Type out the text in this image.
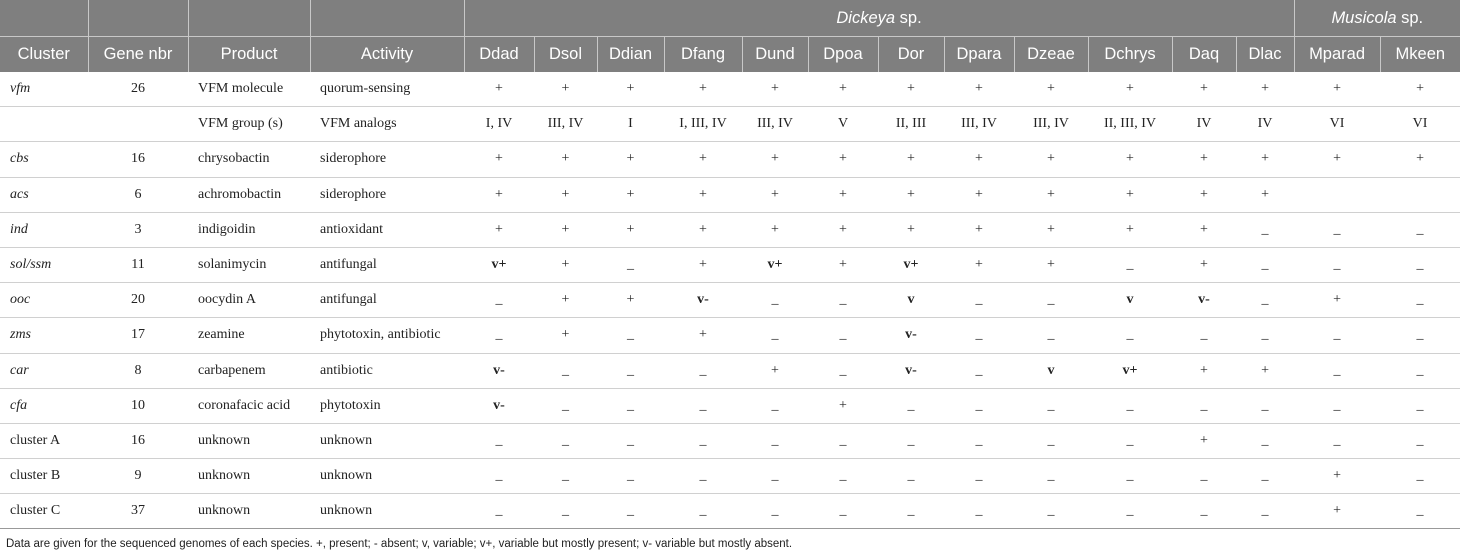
				Dickeya sp.												Musicola sp.	
Cluster	Gene nbr	Product	Activity	Ddad	Dsol	Ddian	Dfang	Dund	Dpoa	Dor	Dpara	Dzeae	Dchrys	Daq	Dlac	Mparad	Mkeen
vfm	26	VFM molecule	quorum-sensing	+	+	+	+	+	+	+	+	+	+	+	+	+	+
		VFM group (s)	VFM analogs	I, IV	III, IV	I	I, III, IV	III, IV	V	II, III	III, IV	III, IV	II, III, IV	IV	IV	VI	VI
cbs	16	chrysobactin	siderophore	+	+	+	+	+	+	+	+	+	+	+	+	+	+
acs	6	achromobactin	siderophore	+	+	+	+	+	+	+	+	+	+	+	+		
ind	3	indigoidin	antioxidant	+	+	+	+	+	+	+	+	+	+	+	_	_	_
sol/ssm	11	solanimycin	antifungal	v+	+	_	+	v+	+	v+	+	+	_	+	_	_	_
ooc	20	oocydin A	antifungal	_	+	+	v-	_	_	v	_	_	v	v-	_	+	_
zms	17	zeamine	phytotoxin, antibiotic	_	+	_	+	_	_	v-	_	_	_	_	_	_	_
car	8	carbapenem	antibiotic	v-	_	_	_	+	_	v-	_	v	v+	+	+	_	_
cfa	10	coronafacic acid	phytotoxin	v-	_	_	_	_	+	_	_	_	_	_	_	_	_
cluster A	16	unknown	unknown	_	_	_	_	_	_	_	_	_	_	+	_	_	_
cluster B	9	unknown	unknown	_	_	_	_	_	_	_	_	_	_	_	_	+	_
cluster C	37	unknown	unknown	_	_	_	_	_	_	_	_	_	_	_	_	+	_
Data are given for the sequenced genomes of each species. +, present; - absent; v, variable; v+, variable but mostly present; v- variable but mostly absent.
